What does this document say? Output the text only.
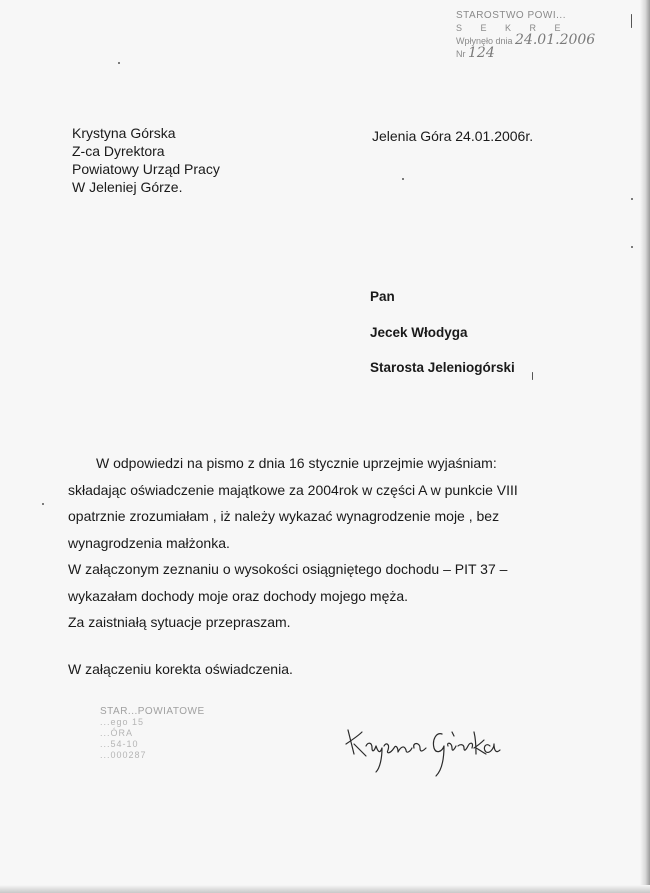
STAROSTWO POWI...
S E K R E
Wpłynęło dnia 24.01.2006
Nr 124
Krystyna Górska
Z-ca Dyrektora
Powiatowy Urząd Pracy
W Jeleniej Górze.
Jelenia Góra 24.01.2006r.
Pan
Jecek Włodyga
Starosta Jeleniogórski
W odpowiedzi na pismo z dnia 16 stycznie uprzejmie wyjaśniam:
składając oświadczenie majątkowe za 2004rok w części A w punkcie VIII
opatrznie zrozumiałam , iż należy wykazać wynagrodzenie moje , bez
wynagrodzenia małżonka.
W załączonym zeznaniu o wysokości osiągniętego dochodu – PIT 37 –
wykazałam dochody moje oraz dochody mojego męża.
Za zaistniałą sytuacje przepraszam.
W załączeniu korekta oświadczenia.
STAR...POWIATOWE
...ego 15
...ÓRA
...54-10
...000287
